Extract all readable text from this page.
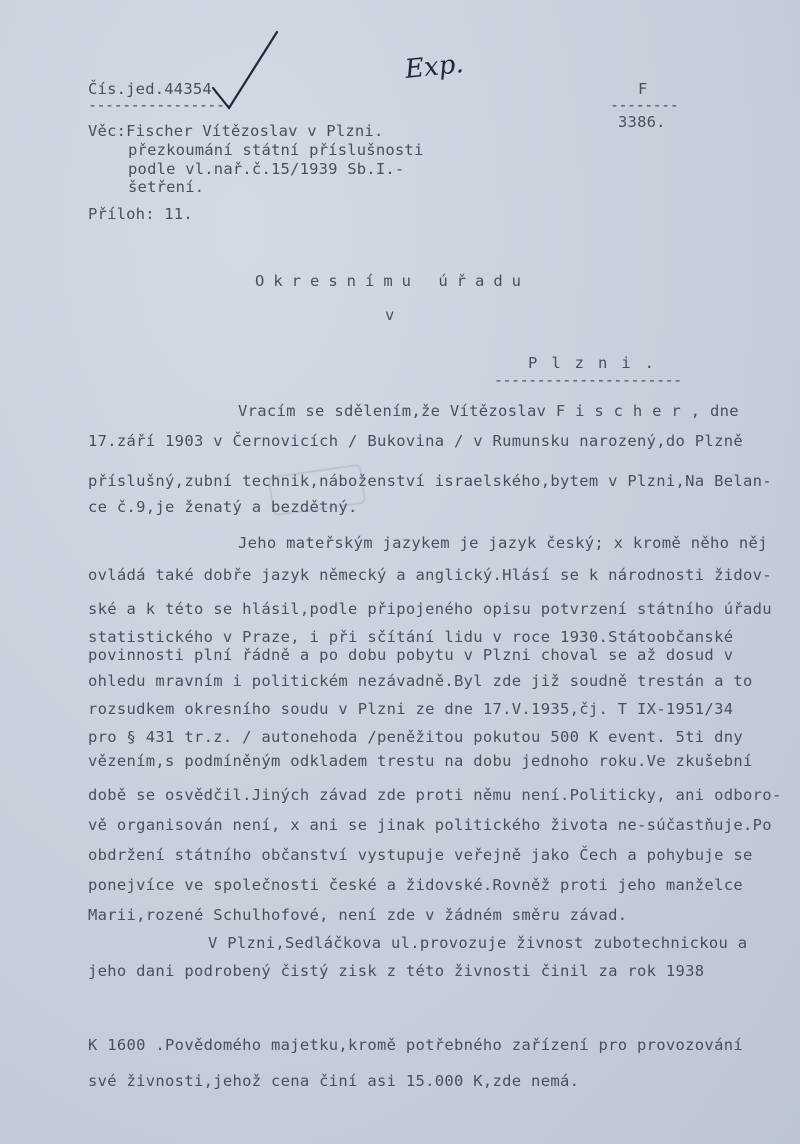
Čís.jed.44354.
-----------------
Exp.
F
--------
3386.
Věc:Fischer Vítězoslav v Plzni.
přezkoumání státní příslušnosti
podle vl.nař.č.15/1939 Sb.I.-
šetření.
Příloh: 11.
Okresnímu úřadu
v
Plzni.
----------------------
Vracím se sdělením,že Vítězoslav F i s c h e r , dne
17.září 1903 v Černovicích / Bukovina / v Rumunsku narozený,do Plzně
příslušný,zubní technik,náboženství israelského,bytem v Plzni,Na Belan-
ce č.9,je ženatý a bezdětný.
Jeho mateřským jazykem je jazyk český; x kromě něho něj
ovládá také dobře jazyk německý a anglický.Hlásí se k národnosti židov-
ské a k této se hlásil,podle připojeného opisu potvrzení státního úřadu
statistického v Praze, i při sčítání lidu v roce 1930.Státoobčanské
povinnosti plní řádně a po dobu pobytu v Plzni choval se až dosud v
ohledu mravním i politickém nezávadně.Byl zde již soudně trestán a to
rozsudkem okresního soudu v Plzni ze dne 17.V.1935,čj. T IX-1951/34
pro § 431 tr.z. / autonehoda /peněžitou pokutou 500 K event. 5ti dny
vězením,s podmíněným odkladem trestu na dobu jednoho roku.Ve zkušební
době se osvědčil.Jiných závad zde proti němu není.Politicky, ani odboro-
vě organisován není, x ani se jinak politického života ne-súčastňuje.Po
obdržení státního občanství vystupuje veřejně jako Čech a pohybuje se
ponejvíce ve společnosti české a židovské.Rovněž proti jeho manželce
Marii,rozené Schulhofové, není zde v žádném směru závad.
V Plzni,Sedláčkova ul.provozuje živnost zubotechnickou a
jeho dani podrobený čistý zisk z této živnosti činil za rok 1938
K 1600 .Povědomého majetku,kromě potřebného zařízení pro provozování
své živnosti,jehož cena činí asi 15.000 K,zde nemá.
